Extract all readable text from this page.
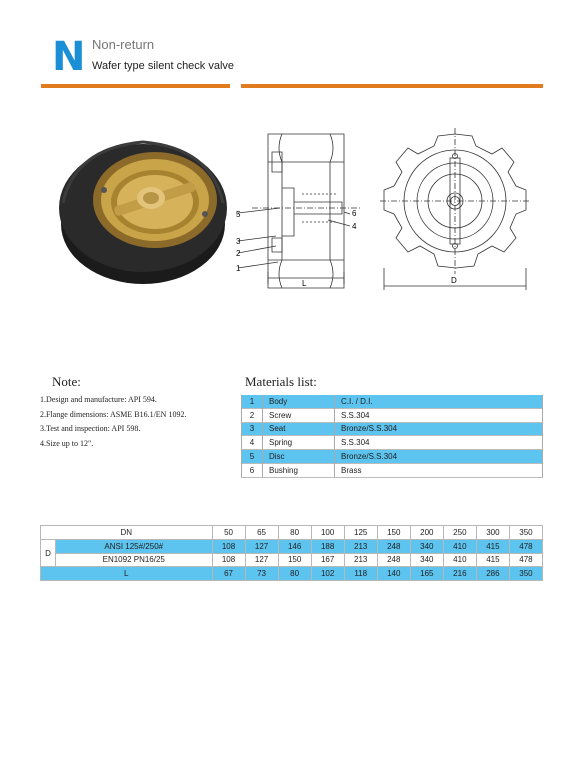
N Non-return
Wafer type silent check valve
5
3
2
1
6
4
L	D
Note:
1.Design and manufacture: API 594.
2.Flange dimensions: ASME B16.1/EN 1092.
3.Test and inspection: API 598.
4.Size up to 12".
Materials list:
1	Body	C.I. / D.I.
2	Screw	S.S.304
3	Seat	Bronze/S.S.304
4	Spring	S.S.304
5	Disc	Bronze/S.S.304
6	Bushing	Brass
DN		50	65	80	100	125	150	200	250	300	350
D	ANSI 125#/250#	108	127	146	188	213	248	340	410	415	478
	EN1092 PN16/25	108	127	150	167	213	248	340	410	415	478
L		67	73	80	102	118	140	165	216	286	350
